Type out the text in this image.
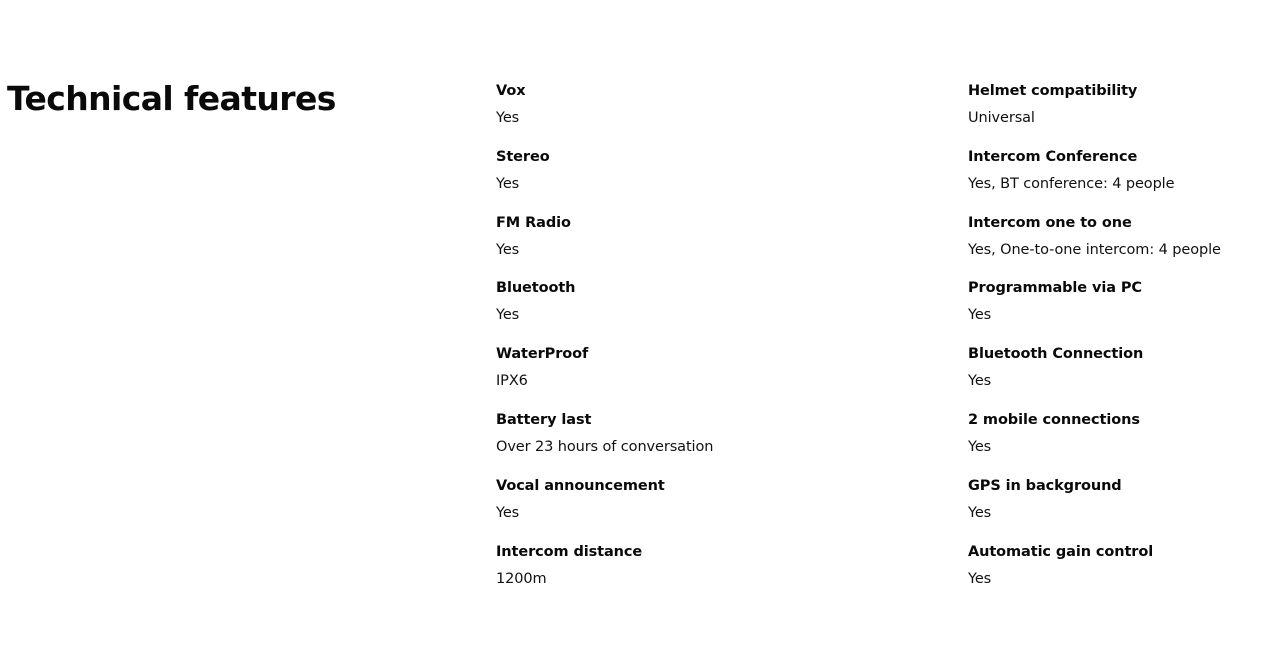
Technical features	Vox
Yes
Stereo
Yes
FM Radio
Yes
Bluetooth
Yes
WaterProof
IPX6
Battery last
Over 23 hours of conversation
Vocal announcement
Yes
Intercom distance
1200m
Helmet compatibility
Universal
Intercom Conference
Yes, BT conference: 4 people
Intercom one to one
Yes, One-to-one intercom: 4 people
Programmable via PC
Yes
Bluetooth Connection
Yes
2 mobile connections
Yes
GPS in background
Yes
Automatic gain control
Yes
